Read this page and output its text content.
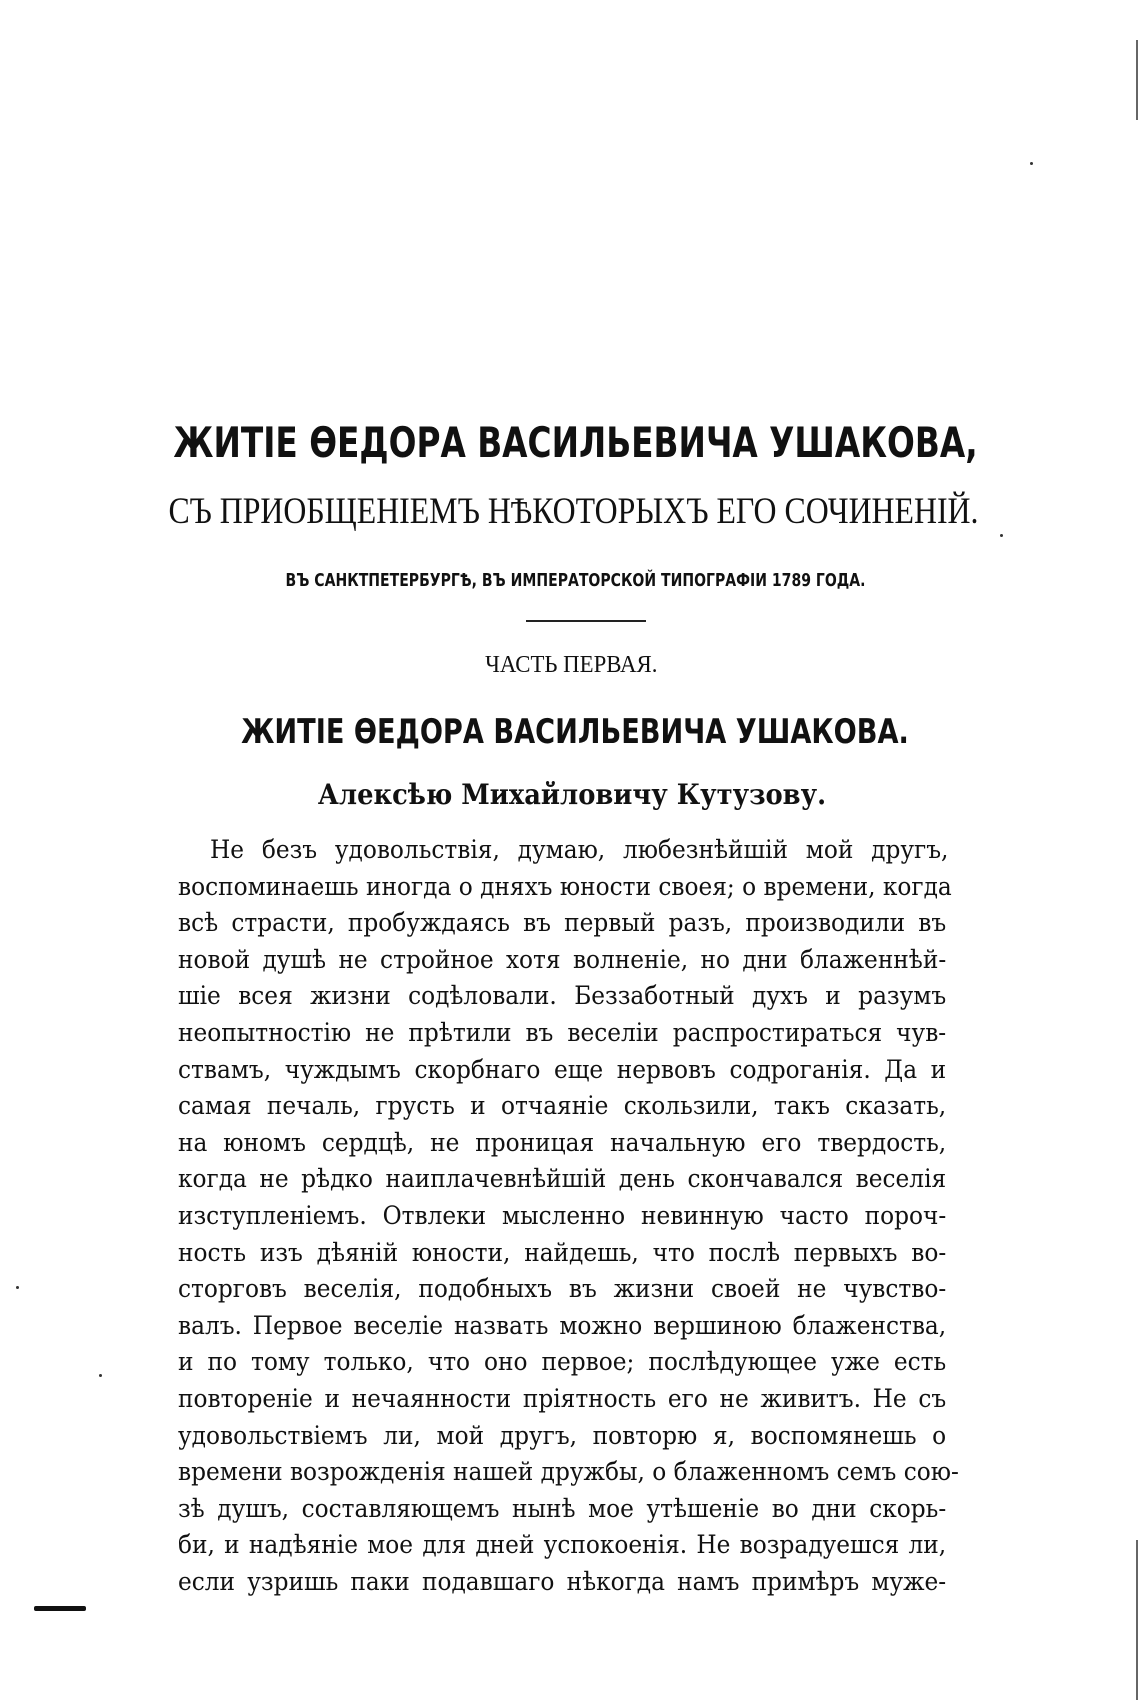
ЖИТІЕ ѲЕДОРА ВАСИЛЬЕВИЧА УШАКОВА,
СЪ ПРИОБЩЕНІЕМЪ НѢКОТОРЫХЪ ЕГО СОЧИНЕНІЙ.
ВЪ САНКТПЕТЕРБУРГѢ, ВЪ ИМПЕРАТОРСКОЙ ТИПОГРАФІИ 1789 ГОДА.
ЧАСТЬ ПЕРВАЯ.
ЖИТІЕ ѲЕДОРА ВАСИЛЬЕВИЧА УШАКОВА.
Алексѣю Михайловичу Кутузову.
Не безъ удовольствія, думаю, любезнѣйшій мой другъ,
воспоминаешь иногда о дняхъ юности своея; о времени, когда
всѣ страсти, пробуждаясь въ первый разъ, производили въ
новой душѣ не стройное хотя волненіе, но дни блаженнѣй-
шіе всея жизни содѣловали. Беззаботный духъ и разумъ
неопытностію не прѣтили въ веселіи распростираться чув-
ствамъ, чуждымъ скорбнаго еще нервовъ содроганія. Да и
самая печаль, грусть и отчаяніе скользили, такъ сказать,
на юномъ сердцѣ, не проницая начальную его твердость,
когда не рѣдко наиплачевнѣйшій день скончавался веселія
изступленіемъ. Отвлеки мысленно невинную часто пороч-
ность изъ дѣяній юности, найдешь, что послѣ первыхъ во-
сторговъ веселія, подобныхъ въ жизни своей не чувство-
валъ. Первое веселіе назвать можно вершиною блаженства,
и по тому только, что оно первое; послѣдующее уже есть
повтореніе и нечаянности пріятность его не живитъ. Не съ
удовольствіемъ ли, мой другъ, повторю я, воспомянешь о
времени возрожденія нашей дружбы, о блаженномъ семъ сою-
зѣ душъ, составляющемъ нынѣ мое утѣшеніе во дни скорь-
би, и надѣяніе мое для дней успокоенія. Не возрадуешся ли,
если узришь паки подавшаго нѣкогда намъ примѣръ муже-
